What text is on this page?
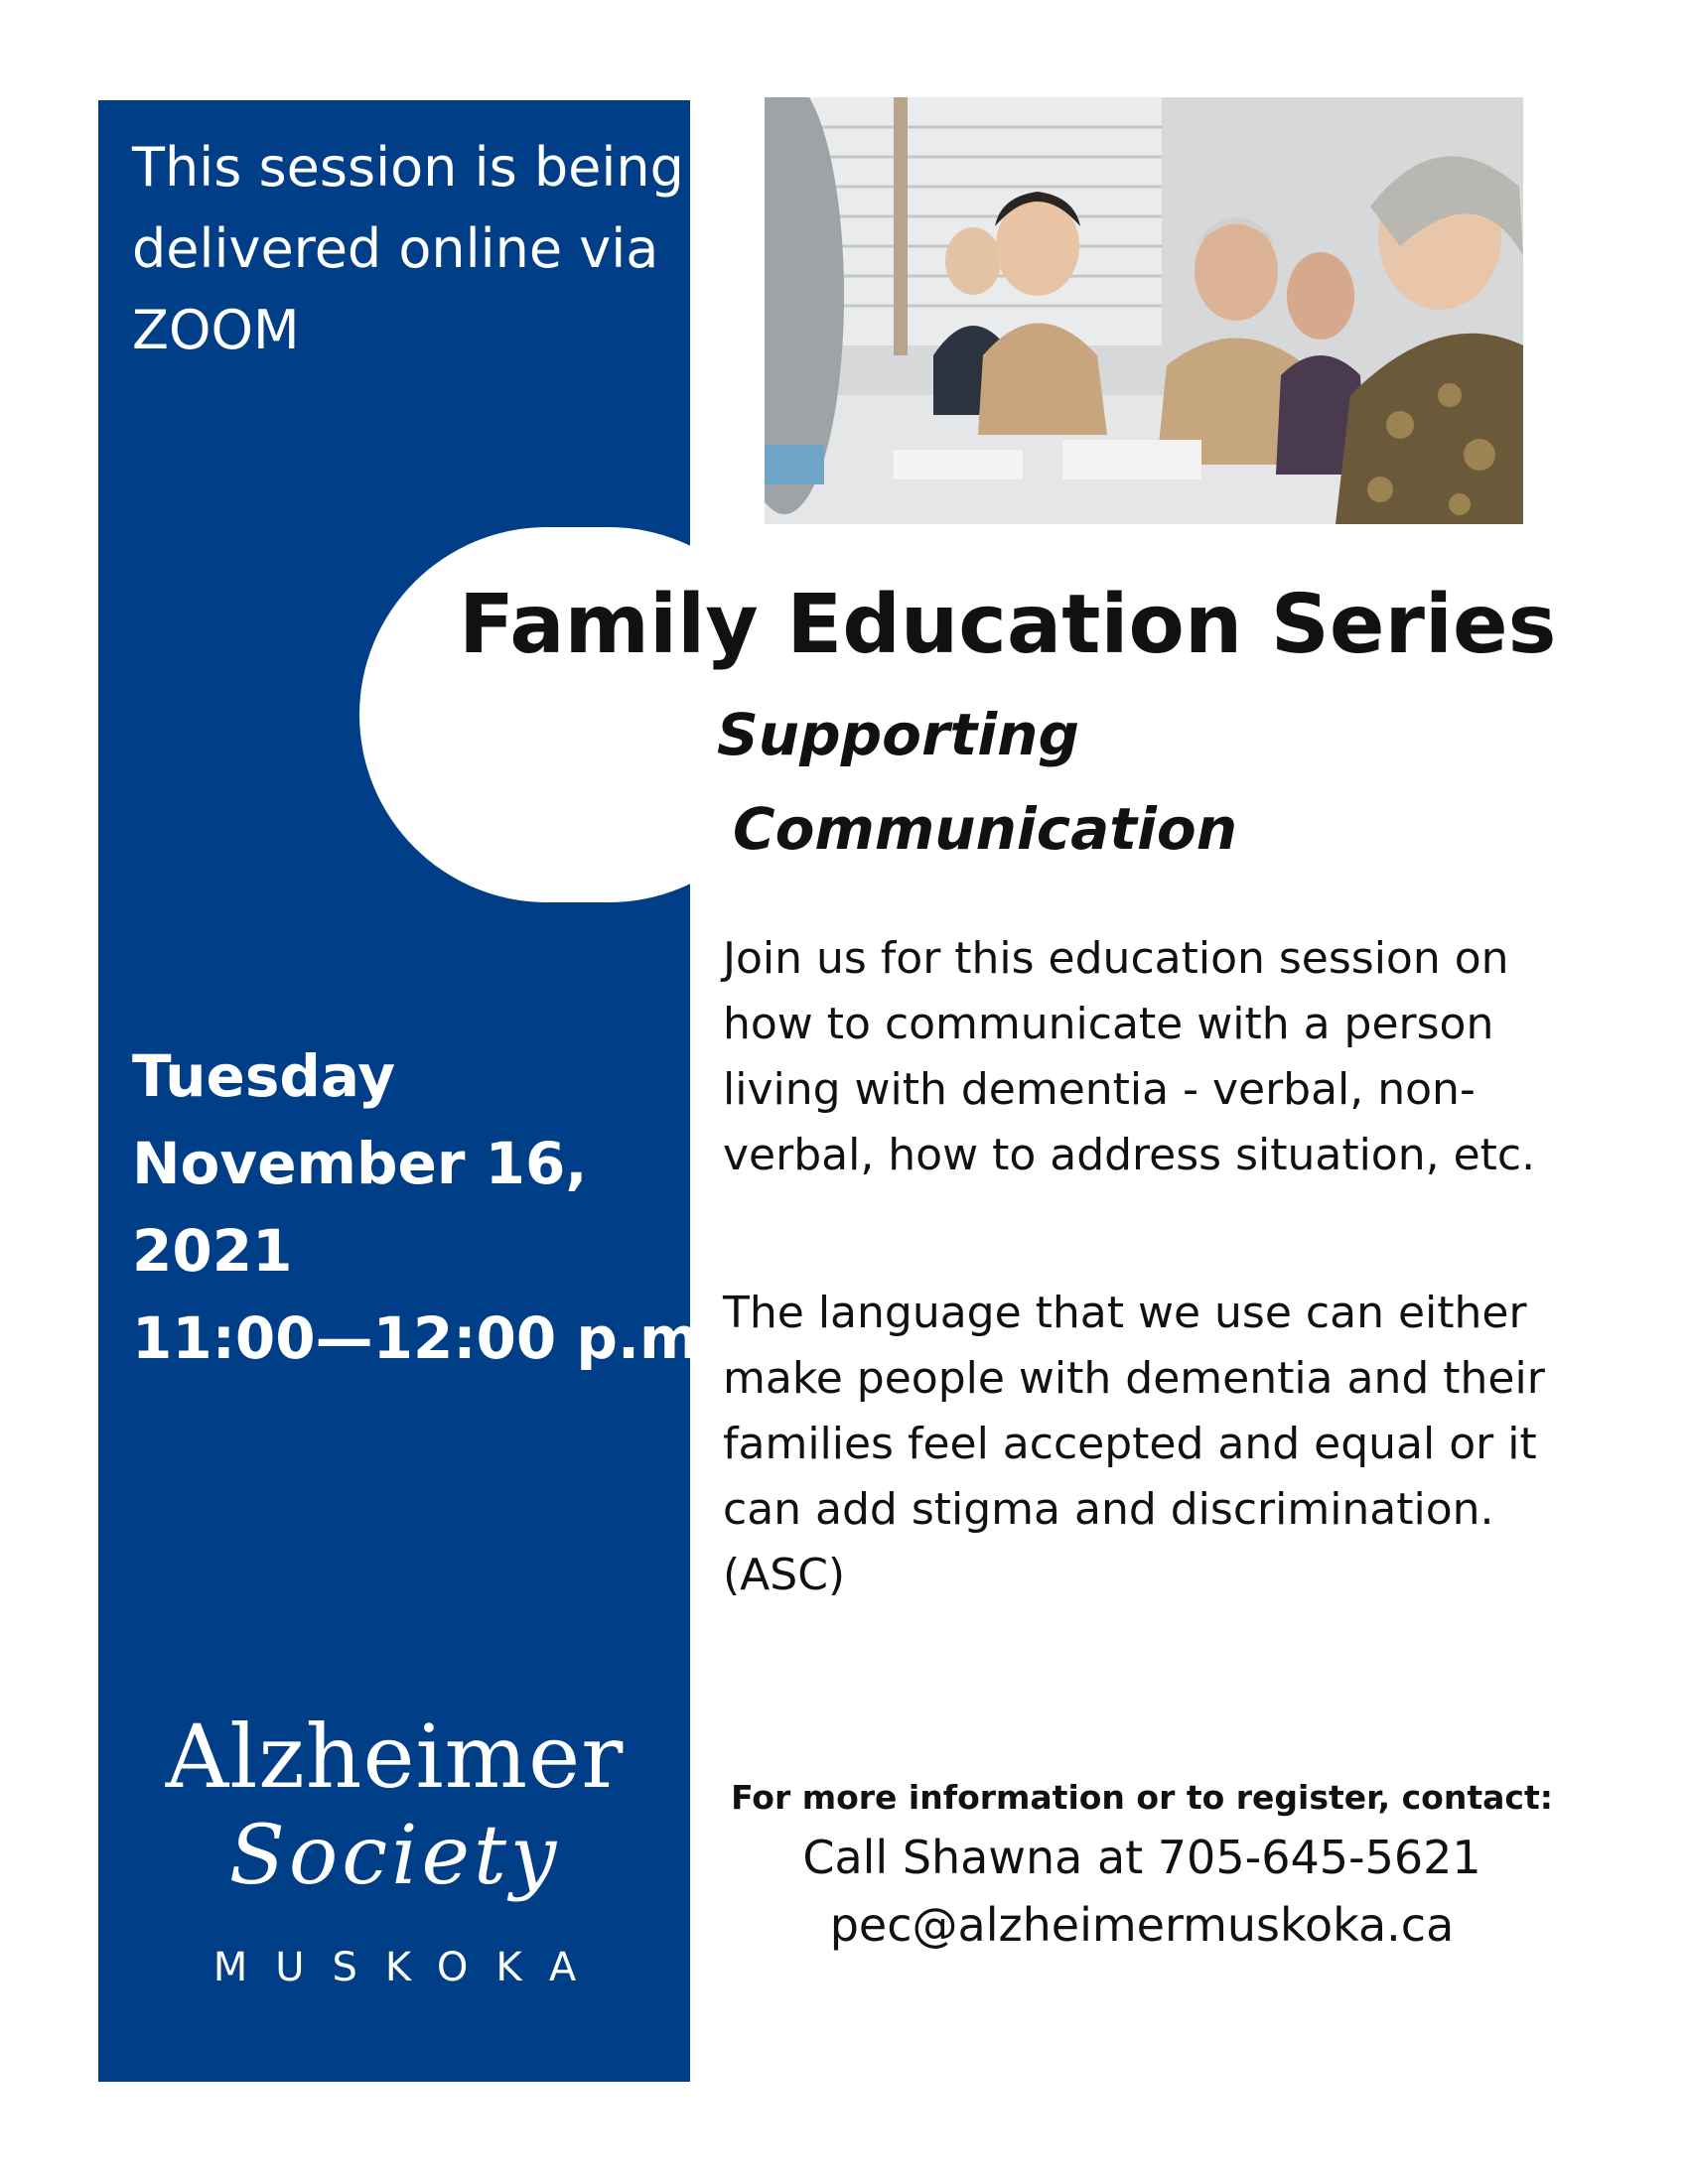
This session is being
delivered online via
ZOOM
Tuesday
November 16,
2021
11:00—12:00 p.m.
Alzheimer
Society
MUSKOKA
Family Education Series
Supporting
Communication
Join us for this education session on
how to communicate with a person
living with dementia - verbal, non-
verbal, how to address situation, etc.
The language that we use can either
make people with dementia and their
families feel accepted and equal or it
can add stigma and discrimination.
(ASC)
For more information or to register, contact:
Call Shawna at 705-645-5621
pec@alzheimermuskoka.ca
